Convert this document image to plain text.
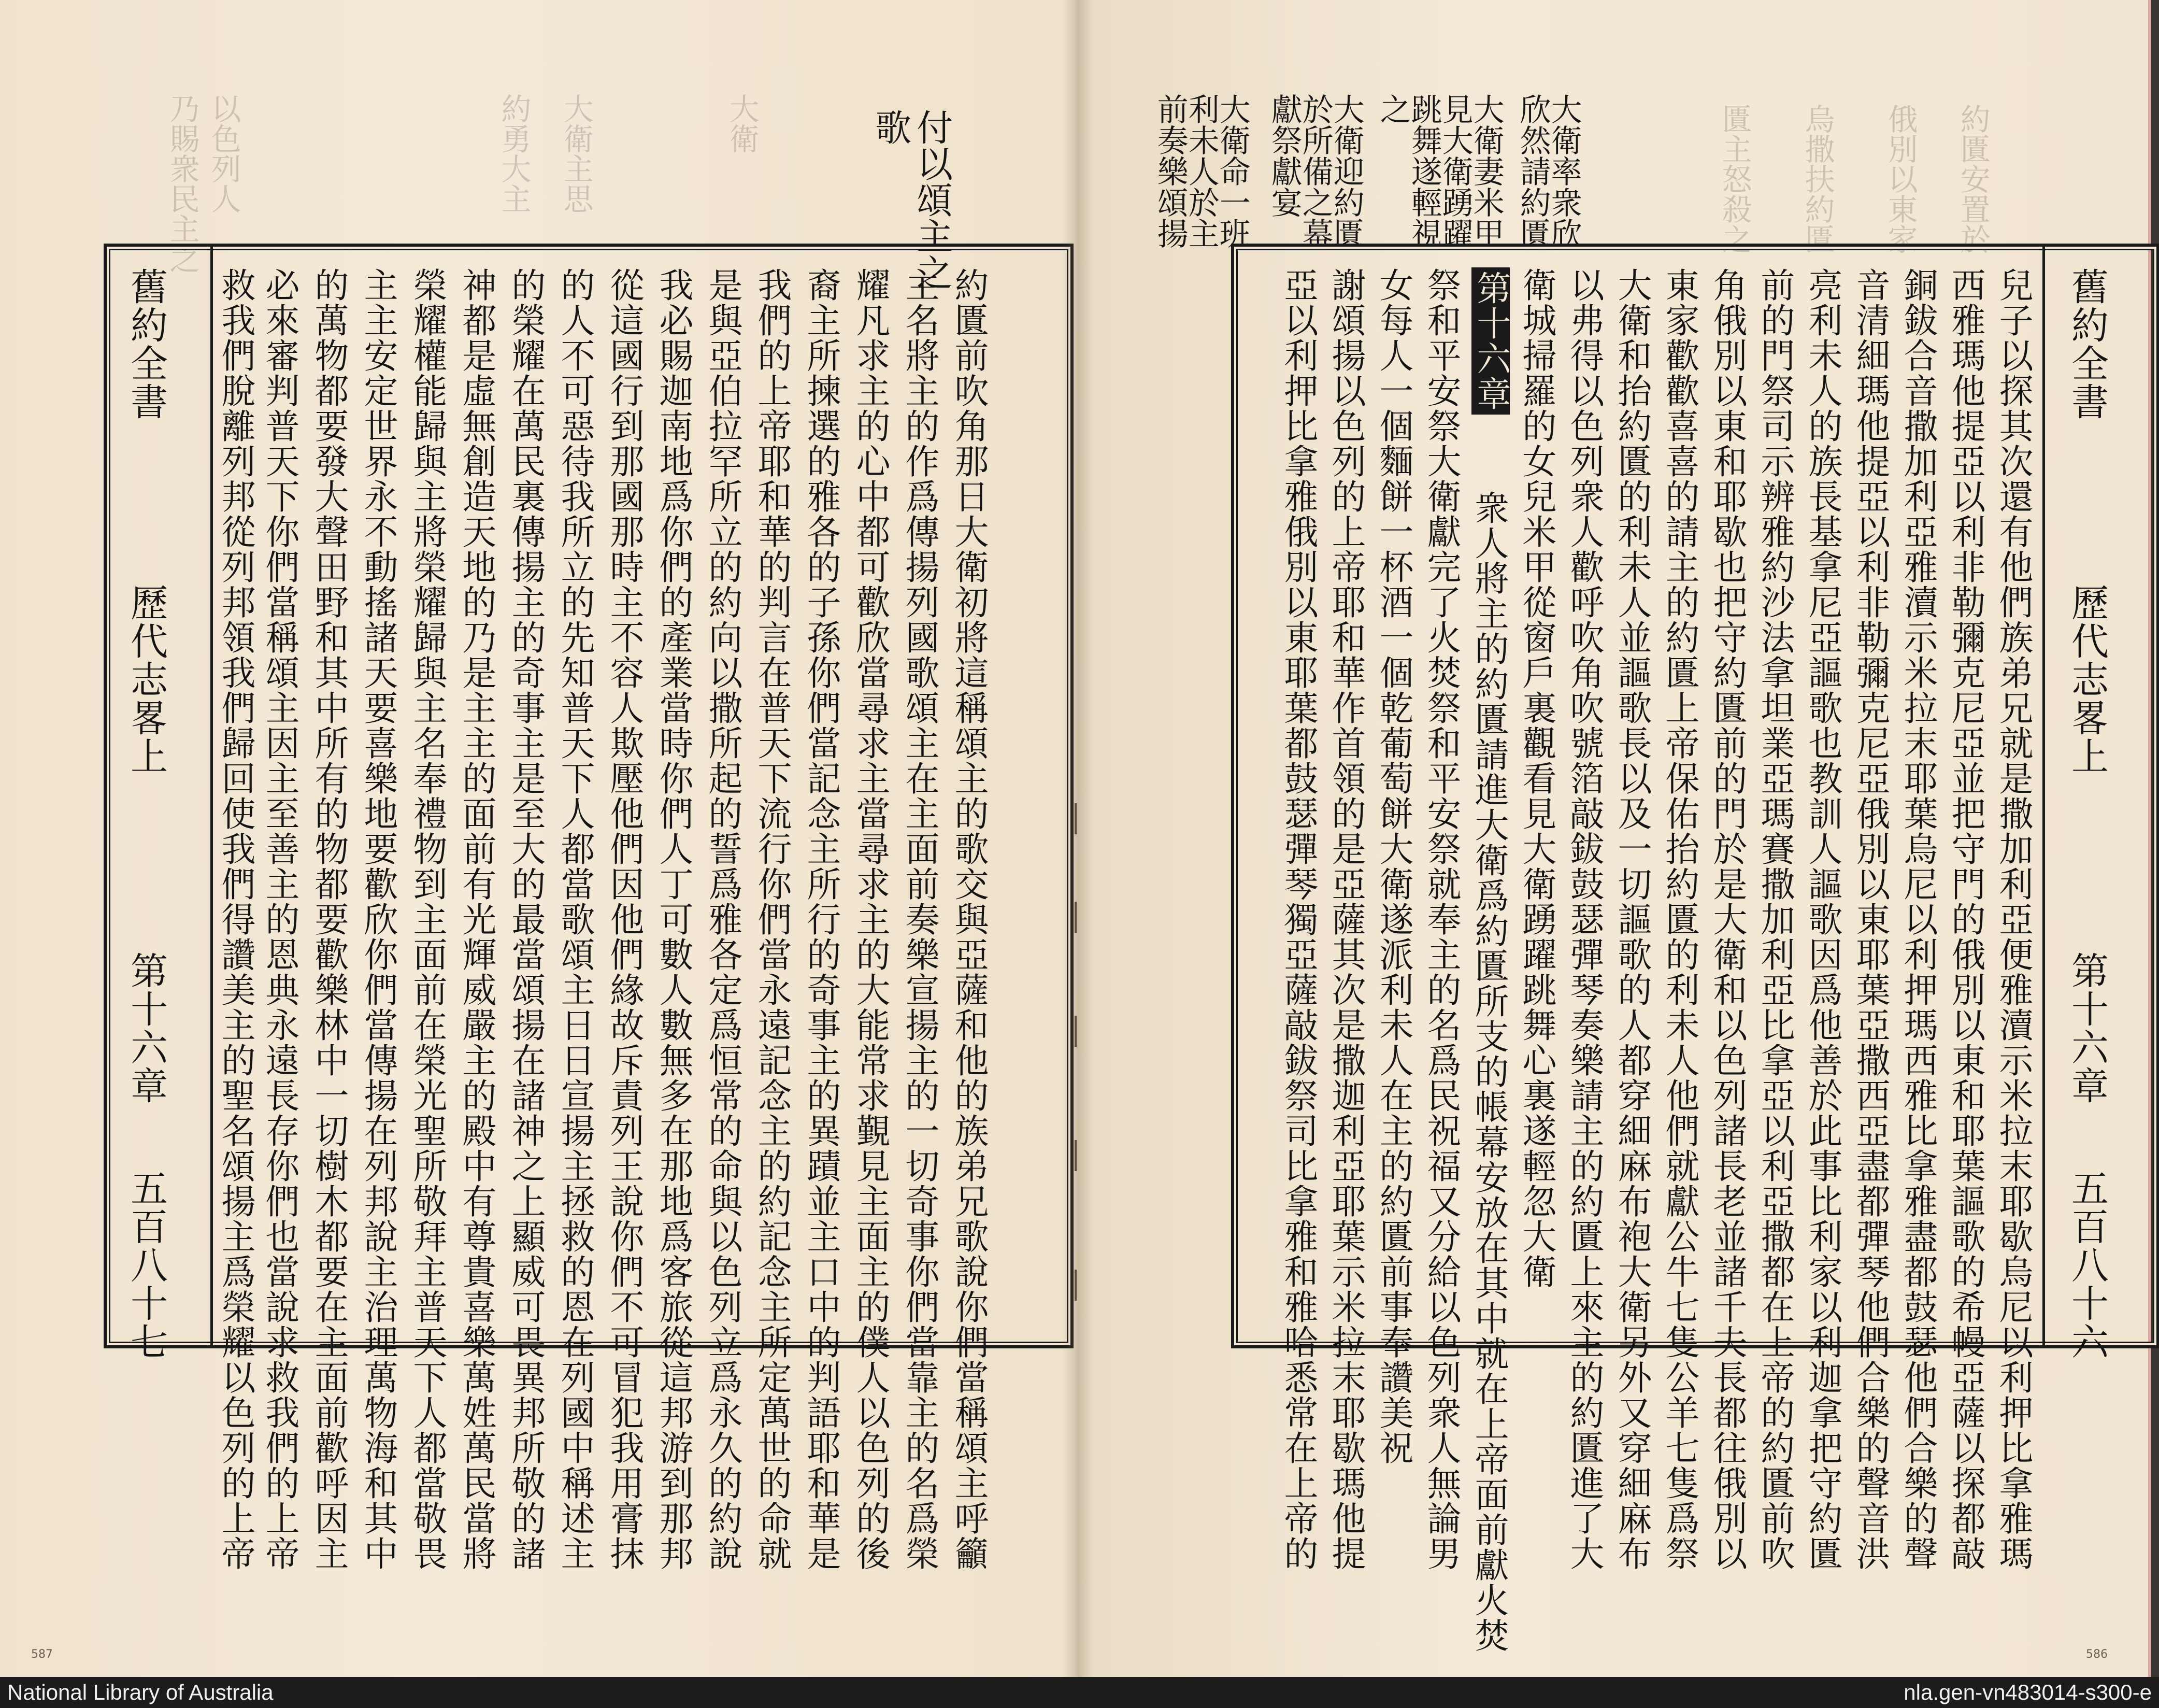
乃賜衆民主之 以色列人	約勇大主 大衛主思	大衛	付以頌主之
歌
舊約全書
歷代志畧上
第十六章
五百八十七	約匱前吹角那日大衛初將這稱頌主的歌交與亞薩和他的族弟兄歌說你們當稱頌主呼籲
主名將主的作爲傳揚列國歌頌主在主面前奏樂宣揚主的一切奇事你們當靠主的名爲榮
耀凡求主的心中都可歡欣當尋求主當尋求主的大能常求覲見主面主的僕人以色列的後
裔主所揀選的雅各的子孫你們當記念主所行的奇事主的異蹟並主口中的判語耶和華是
我們的上帝耶和華的判言在普天下流行你們當永遠記念主的約記念主所定萬世的命就
是與亞伯拉罕所立的約向以撒所起的誓爲雅各定爲恒常的命與以色列立爲永久的約說
我必賜迦南地爲你們的產業當時你們人丁可數人數無多在那地爲客旅從這邦游到那邦
從這國行到那國那時主不容人欺壓他們因他們緣故斥責列王說你們不可冒犯我用膏抹
的人不可惡待我所立的先知普天下人都當歌頌主日日宣揚主拯救的恩在列國中稱述主
的榮耀在萬民裏傳揚主的奇事主是至大的最當頌揚在諸神之上顯威可畏異邦所敬的諸
神都是虛無創造天地的乃是主主的面前有光輝威嚴主的殿中有尊貴喜樂萬姓萬民當將
榮耀權能歸與主將榮耀歸與主名奉禮物到主面前在榮光聖所敬拜主普天下人都當敬畏
主主安定世界永不動搖諸天要喜樂地要歡欣你們當傳揚在列邦說主治理萬物海和其中
的萬物都要發大聲田野和其中所有的物都要歡樂林中一切樹木都要在主面前歡呼因主
必來審判普天下你們當稱頌主因主至善主的恩典永遠長存你們也當說求救我們的上帝
救我們脫離列邦從列邦領我們歸回使我們得讚美主的聖名頌揚主爲榮耀以色列的上帝
587
匱主怒殺之 烏撒扶約匱 俄別以東家 約匱安置於
大衛率衆欣
欣然請約匱
大衛妻米甲
見大衛踴躍
跳舞遂輕視
之
大衛迎約匱
於所備之幕
獻祭獻宴
大衛命一班
利未人於主
前奏樂頌揚
舊約全書
歷代志畧上
第十六章
五百八十六
兒子以探其次還有他們族弟兄就是撒加利亞便雅瀆示米拉末耶歇烏尼以利押比拿雅瑪
西雅瑪他提亞以利非勒彌克尼亞並把守門的俄別以東和耶葉謳歌的希幔亞薩以探都敲
銅鈸合音撒加利亞雅瀆示米拉末耶葉烏尼以利押瑪西雅比拿雅盡都鼓瑟他們合樂的聲
音清細瑪他提亞以利非勒彌克尼亞俄別以東耶葉亞撒西亞盡都彈琴他們合樂的聲音洪
亮利未人的族長基拿尼亞謳歌也教訓人謳歌因爲他善於此事比利家以利迦拿把守約匱
前的門祭司示辨雅約沙法拿坦業亞瑪賽撒加利亞比拿亞以利亞撒都在上帝的約匱前吹
角俄別以東和耶歇也把守約匱前的門於是大衛和以色列諸長老並諸千夫長都往俄別以
東家歡歡喜喜的請主的約匱上帝保佑抬約匱的利未人他們就獻公牛七隻公羊七隻爲祭
大衛和抬約匱的利未人並謳歌長以及一切謳歌的人都穿細麻布袍大衛另外又穿細麻布
以弗得以色列衆人歡呼吹角吹號箔敲鈸鼓瑟彈琴奏樂請主的約匱上來主的約匱進了大
衛城掃羅的女兒米甲從窗戶裏觀看見大衛踴躍跳舞心裏遂輕忽大衛
第十六章
衆人將主的約匱請進大衛爲約匱所支的帳幕安放在其中就在上帝面前獻火焚
祭和平安祭大衛獻完了火焚祭和平安祭就奉主的名爲民祝福又分給以色列衆人無論男
女每人一個麵餅一杯酒一個乾葡萄餅大衛遂派利未人在主的約匱前事奉讚美祝
謝頌揚以色列的上帝耶和華作首領的是亞薩其次是撒迦利亞耶葉示米拉末耶歇瑪他提
亞以利押比拿雅俄別以東耶葉都鼓瑟彈琴獨亞薩敲鈸祭司比拿雅和雅哈悉常在上帝的
586
National Library of Australia	nla.gen-vn483014-s300-e
